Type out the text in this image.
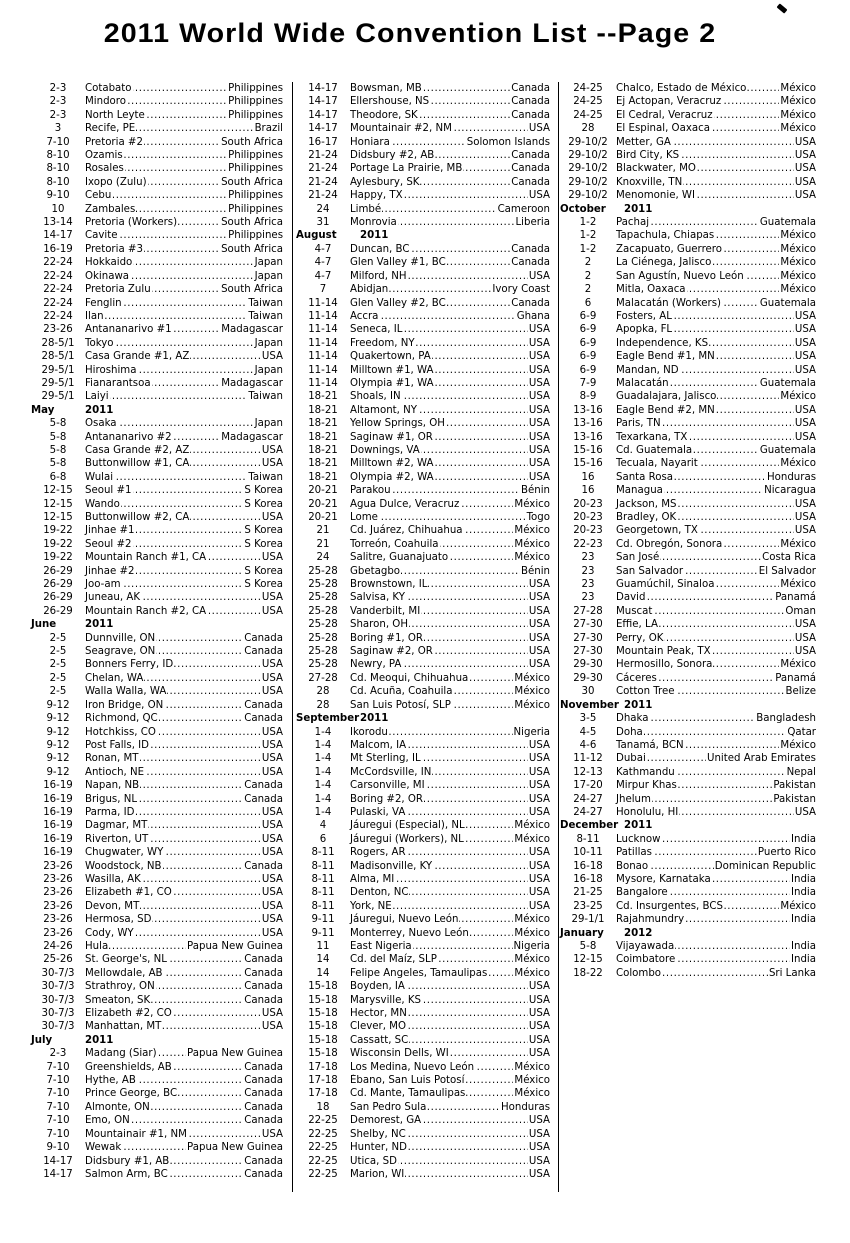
2011 World Wide Convention List --Page 2
2-3	Cotabato .....	Philippines
2-3	Mindoro .....	Philippines
2-3	North Leyte .....	Philippines
3	Recife, PE .....	Brazil
7-10	Pretoria #2 .....	South Africa
8-10	Ozamis .....	Philippines
8-10	Rosales .....	Philippines
8-10	Ixopo (Zulu) .....	South Africa
9-10	Cebu .....	Philippines
10	Zambales .....	Philippines
13-14	Pretoria (Workers) .....	South Africa
14-17	Cavite .....	Philippines
16-19	Pretoria #3 .....	South Africa
22-24	Hokkaido .....	Japan
22-24	Okinawa .....	Japan
22-24	Pretoria Zulu .....	South Africa
22-24	Fenglin .....	Taiwan
22-24	Ilan .....	Taiwan
23-26	Antananarivo #1 .....	Madagascar
28-5/1	Tokyo .....	Japan
28-5/1	Casa Grande #1, AZ .....	USA
29-5/1	Hiroshima .....	Japan
29-5/1	Fianarantsoa .....	Madagascar
29-5/1	Laiyi .....	Taiwan
May	2011
5-8	Osaka .....	Japan
5-8	Antananarivo #2 .....	Madagascar
5-8	Casa Grande #2, AZ .....	USA
5-8	Buttonwillow #1, CA .....	USA
6-8	Wulai .....	Taiwan
12-15	Seoul #1 .....	S Korea
12-15	Wando .....	S Korea
12-15	Buttonwillow #2, CA .....	USA
19-22	Jinhae #1 .....	S Korea
19-22	Seoul #2 .....	S Korea
19-22	Mountain Ranch #1, CA .....	USA
26-29	Jinhae #2 .....	S Korea
26-29	Joo-am .....	S Korea
26-29	Juneau, AK .....	USA
26-29	Mountain Ranch #2, CA .....	USA
June	2011
2-5	Dunnville, ON .....	Canada
2-5	Seagrave, ON .....	Canada
2-5	Bonners Ferry, ID .....	USA
2-5	Chelan, WA .....	USA
2-5	Walla Walla, WA .....	USA
9-12	Iron Bridge, ON .....	Canada
9-12	Richmond, QC .....	Canada
9-12	Hotchkiss, CO .....	USA
9-12	Post Falls, ID .....	USA
9-12	Ronan, MT .....	USA
9-12	Antioch, NE .....	USA
16-19	Napan, NB .....	Canada
16-19	Brigus, NL .....	Canada
16-19	Parma, ID .....	USA
16-19	Dagmar, MT .....	USA
16-19	Riverton, UT .....	USA
16-19	Chugwater, WY .....	USA
23-26	Woodstock, NB .....	Canada
23-26	Wasilla, AK .....	USA
23-26	Elizabeth #1, CO .....	USA
23-26	Devon, MT .....	USA
23-26	Hermosa, SD .....	USA
23-26	Cody, WY .....	USA
24-26	Hula .....	Papua New Guinea
25-26	St. George's, NL .....	Canada
30-7/3	Mellowdale, AB .....	Canada
30-7/3	Strathroy, ON .....	Canada
30-7/3	Smeaton, SK .....	Canada
30-7/3	Elizabeth #2, CO .....	USA
30-7/3	Manhattan, MT .....	USA
July	2011
2-3	Madang (Siar) .....	Papua New Guinea
7-10	Greenshields, AB .....	Canada
7-10	Hythe, AB .....	Canada
7-10	Prince George, BC .....	Canada
7-10	Almonte, ON .....	Canada
7-10	Emo, ON .....	Canada
7-10	Mountainair #1, NM .....	USA
9-10	Wewak .....	Papua New Guinea
14-17	Didsbury #1, AB .....	Canada
14-17	Salmon Arm, BC .....	Canada
14-17	Bowsman, MB .....	Canada
14-17	Ellershouse, NS .....	Canada
14-17	Theodore, SK .....	Canada
14-17	Mountainair #2, NM .....	USA
16-17	Honiara .....	Solomon Islands
21-24	Didsbury #2, AB .....	Canada
21-24	Portage La Prairie, MB .....	Canada
21-24	Aylesbury, SK .....	Canada
21-24	Happy, TX .....	USA
24	Limbé .....	Cameroon
31	Monrovia .....	Liberia
August	2011
4-7	Duncan, BC .....	Canada
4-7	Glen Valley #1, BC .....	Canada
4-7	Milford, NH .....	USA
7	Abidjan .....	Ivory Coast
11-14	Glen Valley #2, BC .....	Canada
11-14	Accra .....	Ghana
11-14	Seneca, IL .....	USA
11-14	Freedom, NY .....	USA
11-14	Quakertown, PA .....	USA
11-14	Milltown #1, WA .....	USA
11-14	Olympia #1, WA .....	USA
18-21	Shoals, IN .....	USA
18-21	Altamont, NY .....	USA
18-21	Yellow Springs, OH .....	USA
18-21	Saginaw #1, OR .....	USA
18-21	Downings, VA .....	USA
18-21	Milltown #2, WA .....	USA
18-21	Olympia #2, WA .....	USA
20-21	Parakou .....	Bénin
20-21	Agua Dulce, Veracruz .....	México
20-21	Lome .....	Togo
21	Cd. Juárez, Chihuahua .....	México
21	Torreón, Coahuila .....	México
24	Salitre, Guanajuato .....	México
25-28	Gbetagbo .....	Bénin
25-28	Brownstown, IL .....	USA
25-28	Salvisa, KY .....	USA
25-28	Vanderbilt, MI .....	USA
25-28	Sharon, OH .....	USA
25-28	Boring #1, OR .....	USA
25-28	Saginaw #2, OR .....	USA
25-28	Newry, PA .....	USA
27-28	Cd. Meoqui, Chihuahua .....	México
28	Cd. Acuña, Coahuila .....	México
28	San Luis Potosí, SLP .....	México
September 2011
1-4	Ikorodu .....	Nigeria
1-4	Malcom, IA .....	USA
1-4	Mt Sterling, IL .....	USA
1-4	McCordsville, IN .....	USA
1-4	Carsonville, MI .....	USA
1-4	Boring #2, OR .....	USA
1-4	Pulaski, VA .....	USA
4	Jáuregui (Especial), NL .....	México
6	Jáuregui (Workers), NL .....	México
8-11	Rogers, AR .....	USA
8-11	Madisonville, KY .....	USA
8-11	Alma, MI .....	USA
8-11	Denton, NC .....	USA
8-11	York, NE .....	USA
9-11	Jáuregui, Nuevo León .....	México
9-11	Monterrey, Nuevo León .....	México
11	East Nigeria .....	Nigeria
14	Cd. del Maíz, SLP .....	México
14	Felipe Angeles, Tamaulipas .....	México
15-18	Boyden, IA .....	USA
15-18	Marysville, KS .....	USA
15-18	Hector, MN .....	USA
15-18	Clever, MO .....	USA
15-18	Cassatt, SC .....	USA
15-18	Wisconsin Dells, WI .....	USA
17-18	Los Medina, Nuevo León .....	México
17-18	Ébano, San Luis Potosí .....	México
17-18	Cd. Mante, Tamaulipas .....	México
18	San Pedro Sula .....	Honduras
22-25	Demorest, GA .....	USA
22-25	Shelby, NC .....	USA
22-25	Hunter, ND .....	USA
22-25	Utica, SD .....	USA
22-25	Marion, WI .....	USA
24-25	Chalco, Estado de México .....	México
24-25	Ej Actopan, Veracruz .....	México
24-25	El Cedral, Veracruz .....	México
28	El Espinal, Oaxaca .....	México
29-10/2 Metter, GA .....	USA
29-10/2 Bird City, KS .....	USA
29-10/2 Blackwater, MO .....	USA
29-10/2 Knoxville, TN .....	USA
29-10/2 Menomonie, WI .....	USA
October	2011
1-2	Pachaj .....	Guatemala
1-2	Tapachula, Chiapas .....	México
1-2	Zacapuato, Guerrero .....	México
2	La Ciénega, Jalisco .....	México
2	San Agustín, Nuevo León .....	México
2	Mitla, Oaxaca .....	México
6	Malacatán (Workers) .....	Guatemala
6-9	Fosters, AL .....	USA
6-9	Apopka, FL .....	USA
6-9	Independence, KS .....	USA
6-9	Eagle Bend #1, MN .....	USA
6-9	Mandan, ND .....	USA
7-9	Malacatán .....	Guatemala
8-9	Guadalajara, Jalisco .....	México
13-16	Eagle Bend #2, MN .....	USA
13-16	Paris, TN .....	USA
13-16	Texarkana, TX .....	USA
15-16	Cd. Guatemala .....	Guatemala
15-16	Tecuala, Nayarit .....	México
16	Santa Rosa .....	Honduras
16	Managua .....	Nicaragua
20-23	Jackson, MS .....	USA
20-23	Bradley, OK .....	USA
20-23	Georgetown, TX .....	USA
22-23	Cd. Obregón, Sonora .....	México
23	San José .....	Costa Rica
23	San Salvador .....	El Salvador
23	Guamúchil, Sinaloa .....	México
23	David .....	Panamá
27-28	Muscat .....	Oman
27-30	Effie, LA .....	USA
27-30	Perry, OK .....	USA
27-30	Mountain Peak, TX .....	USA
29-30	Hermosillo, Sonora .....	México
29-30	Cáceres .....	Panamá
30	Cotton Tree .....	Belize
November 2011
3-5	Dhaka .....	Bangladesh
4-5	Doha .....	Qatar
4-6	Tanamá, BCN .....	México
11-12	Dubai .....	United Arab Emirates
12-13	Kathmandu .....	Nepal
17-20	Mirpur Khas .....	Pakistan
24-27	Jhelum .....	Pakistan
24-27	Honolulu, HI .....	USA
December 2011
8-11	Lucknow .....	India
10-11	Patillas .....	Puerto Rico
16-18	Bonao .....	Dominican Republic
16-18	Mysore, Karnataka .....	India
21-25	Bangalore .....	India
23-25	Cd. Insurgentes, BCS .....	México
29-1/1	Rajahmundry .....	India
January	2012
5-8	Vijayawada .....	India
12-15	Coimbatore .....	India
18-22	Colombo .....	Sri Lanka
